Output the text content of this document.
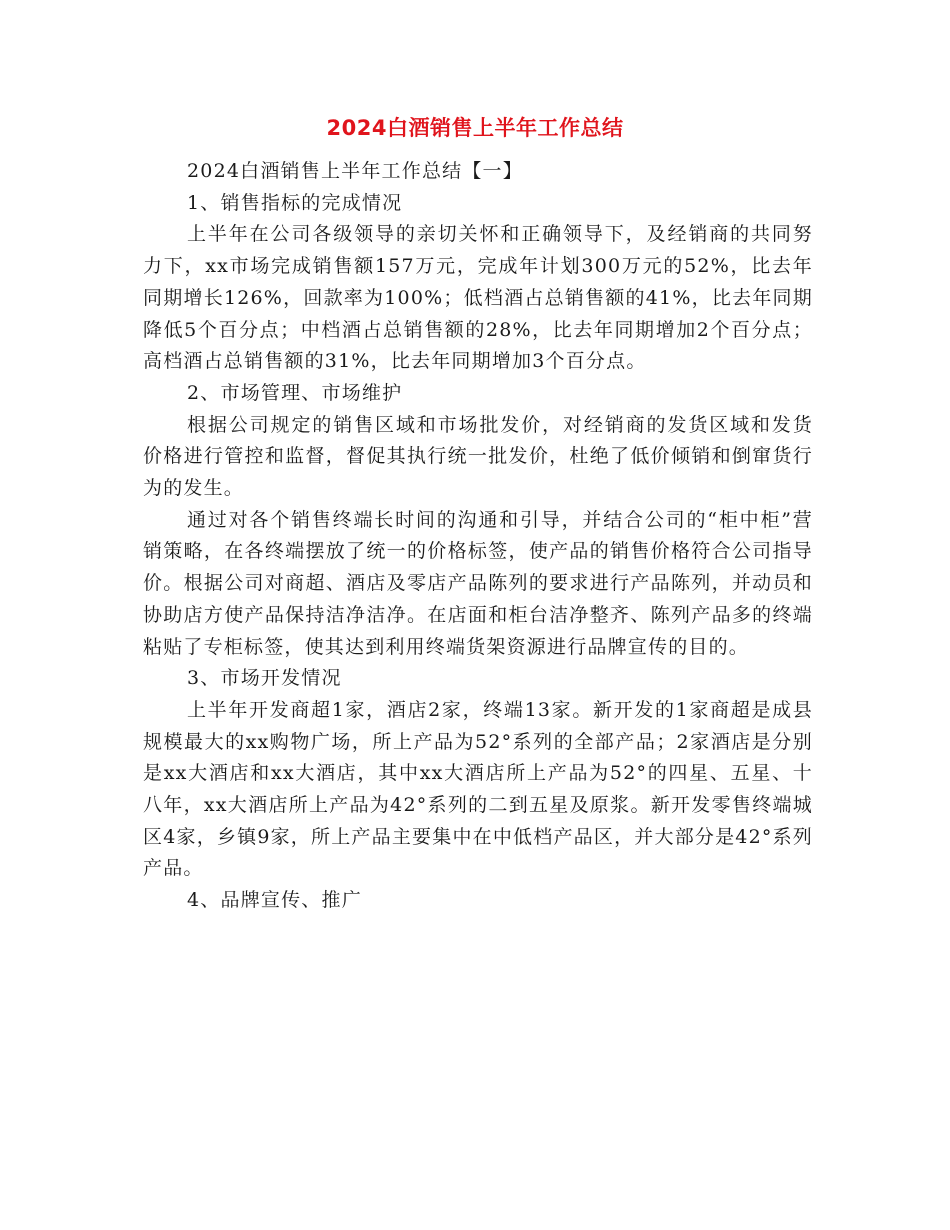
2024白酒销售上半年工作总结

2024白酒销售上半年工作总结【一】

1、销售指标的完成情况

上半年在公司各级领导的亲切关怀和正确领导下，及经销商的共同努力下，xx市场完成销售额157万元，完成年计划300万元的52%，比去年同期增长126%，回款率为100%；低档酒占总销售额的41%，比去年同期降低5个百分点；中档酒占总销售额的28%，比去年同期增加2个百分点；高档酒占总销售额的31%，比去年同期增加3个百分点。

2、市场管理、市场维护

根据公司规定的销售区域和市场批发价，对经销商的发货区域和发货价格进行管控和监督，督促其执行统一批发价，杜绝了低价倾销和倒窜货行为的发生。

通过对各个销售终端长时间的沟通和引导，并结合公司的“柜中柜”营销策略，在各终端摆放了统一的价格标签，使产品的销售价格符合公司指导价。根据公司对商超、酒店及零店产品陈列的要求进行产品陈列，并动员和协助店方使产品保持洁净洁净。在店面和柜台洁净整齐、陈列产品多的终端粘贴了专柜标签，使其达到利用终端货架资源进行品牌宣传的目的。

3、市场开发情况

上半年开发商超1家，酒店2家，终端13家。新开发的1家商超是成县规模最大的xx购物广场，所上产品为52°系列的全部产品；2家酒店是分别是xx大酒店和xx大酒店，其中xx大酒店所上产品为52°的四星、五星、十八年，xx大酒店所上产品为42°系列的二到五星及原浆。新开发零售终端城区4家，乡镇9家，所上产品主要集中在中低档产品区，并大部分是42°系列产品。

4、品牌宣传、推广
